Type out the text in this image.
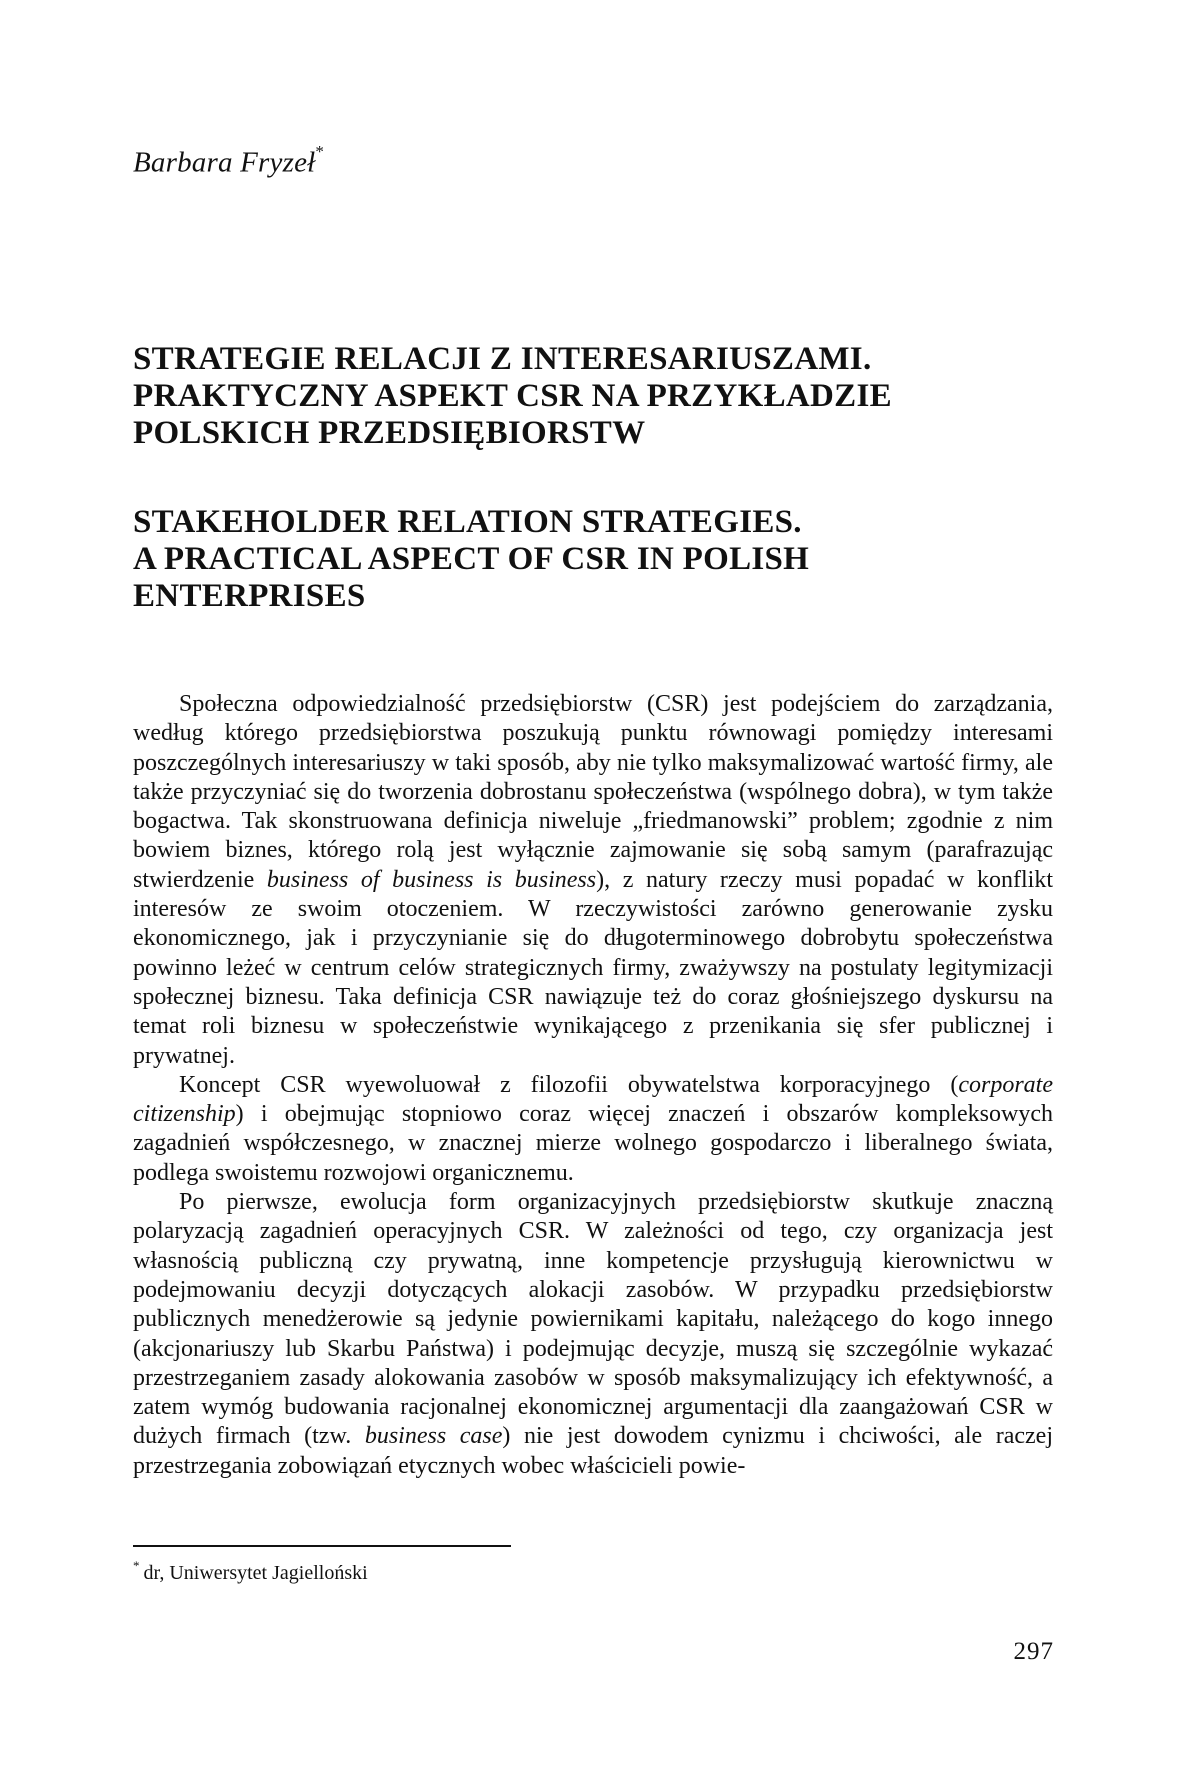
Barbara Fryzeł*
STRATEGIE RELACJI Z INTERESARIUSZAMI.
PRAKTYCZNY ASPEKT CSR NA PRZYKŁADZIE
POLSKICH PRZEDSIĘBIORSTW
STAKEHOLDER RELATION STRATEGIES.
A PRACTICAL ASPECT OF CSR IN POLISH
ENTERPRISES

Społeczna odpowiedzialność przedsiębiorstw (CSR) jest podejściem do zarządzania, według którego przedsiębiorstwa poszukują punktu równowagi pomiędzy interesami poszczególnych interesariuszy w taki sposób, aby nie tylko maksymalizować wartość firmy, ale także przyczyniać się do tworzenia dobrostanu społeczeństwa (wspólnego dobra), w tym także bogactwa. Tak skonstruowana definicja niweluje „friedmanowski” problem; zgodnie z nim bowiem biznes, którego rolą jest wyłącznie zajmowanie się sobą samym (parafrazując stwierdzenie business of business is business), z natury rzeczy musi popadać w konflikt interesów ze swoim otoczeniem. W rzeczywistości zarówno generowanie zysku ekonomicznego, jak i przyczynianie się do długoterminowego dobrobytu społeczeństwa powinno leżeć w centrum celów strategicznych firmy, zważywszy na postulaty legitymizacji społecznej biznesu. Taka definicja CSR nawiązuje też do coraz głośniejszego dyskursu na temat roli biznesu w społeczeństwie wynikającego z przenikania się sfer publicznej i prywatnej.

Koncept CSR wyewoluował z filozofii obywatelstwa korporacyjnego (corporate citizenship) i obejmując stopniowo coraz więcej znaczeń i obszarów kompleksowych zagadnień współczesnego, w znacznej mierze wolnego gospodarczo i liberalnego świata, podlega swoistemu rozwojowi organicznemu.

Po pierwsze, ewolucja form organizacyjnych przedsiębiorstw skutkuje znaczną polaryzacją zagadnień operacyjnych CSR. W zależności od tego, czy organizacja jest własnością publiczną czy prywatną, inne kompetencje przysługują kierownictwu w podejmowaniu decyzji dotyczących alokacji zasobów. W przypadku przedsiębiorstw publicznych menedżerowie są jedynie powiernikami kapitału, należącego do kogo innego (akcjonariuszy lub Skarbu Państwa) i podejmując decyzje, muszą się szczególnie wykazać przestrzeganiem zasady alokowania zasobów w sposób maksymalizujący ich efektywność, a zatem wymóg budowania racjonalnej ekonomicznej argumentacji dla zaangażowań CSR w dużych firmach (tzw. business case) nie jest dowodem cynizmu i chciwości, ale raczej przestrzegania zobowiązań etycznych wobec właścicieli powie-

* dr, Uniwersytet Jagielloński
297
